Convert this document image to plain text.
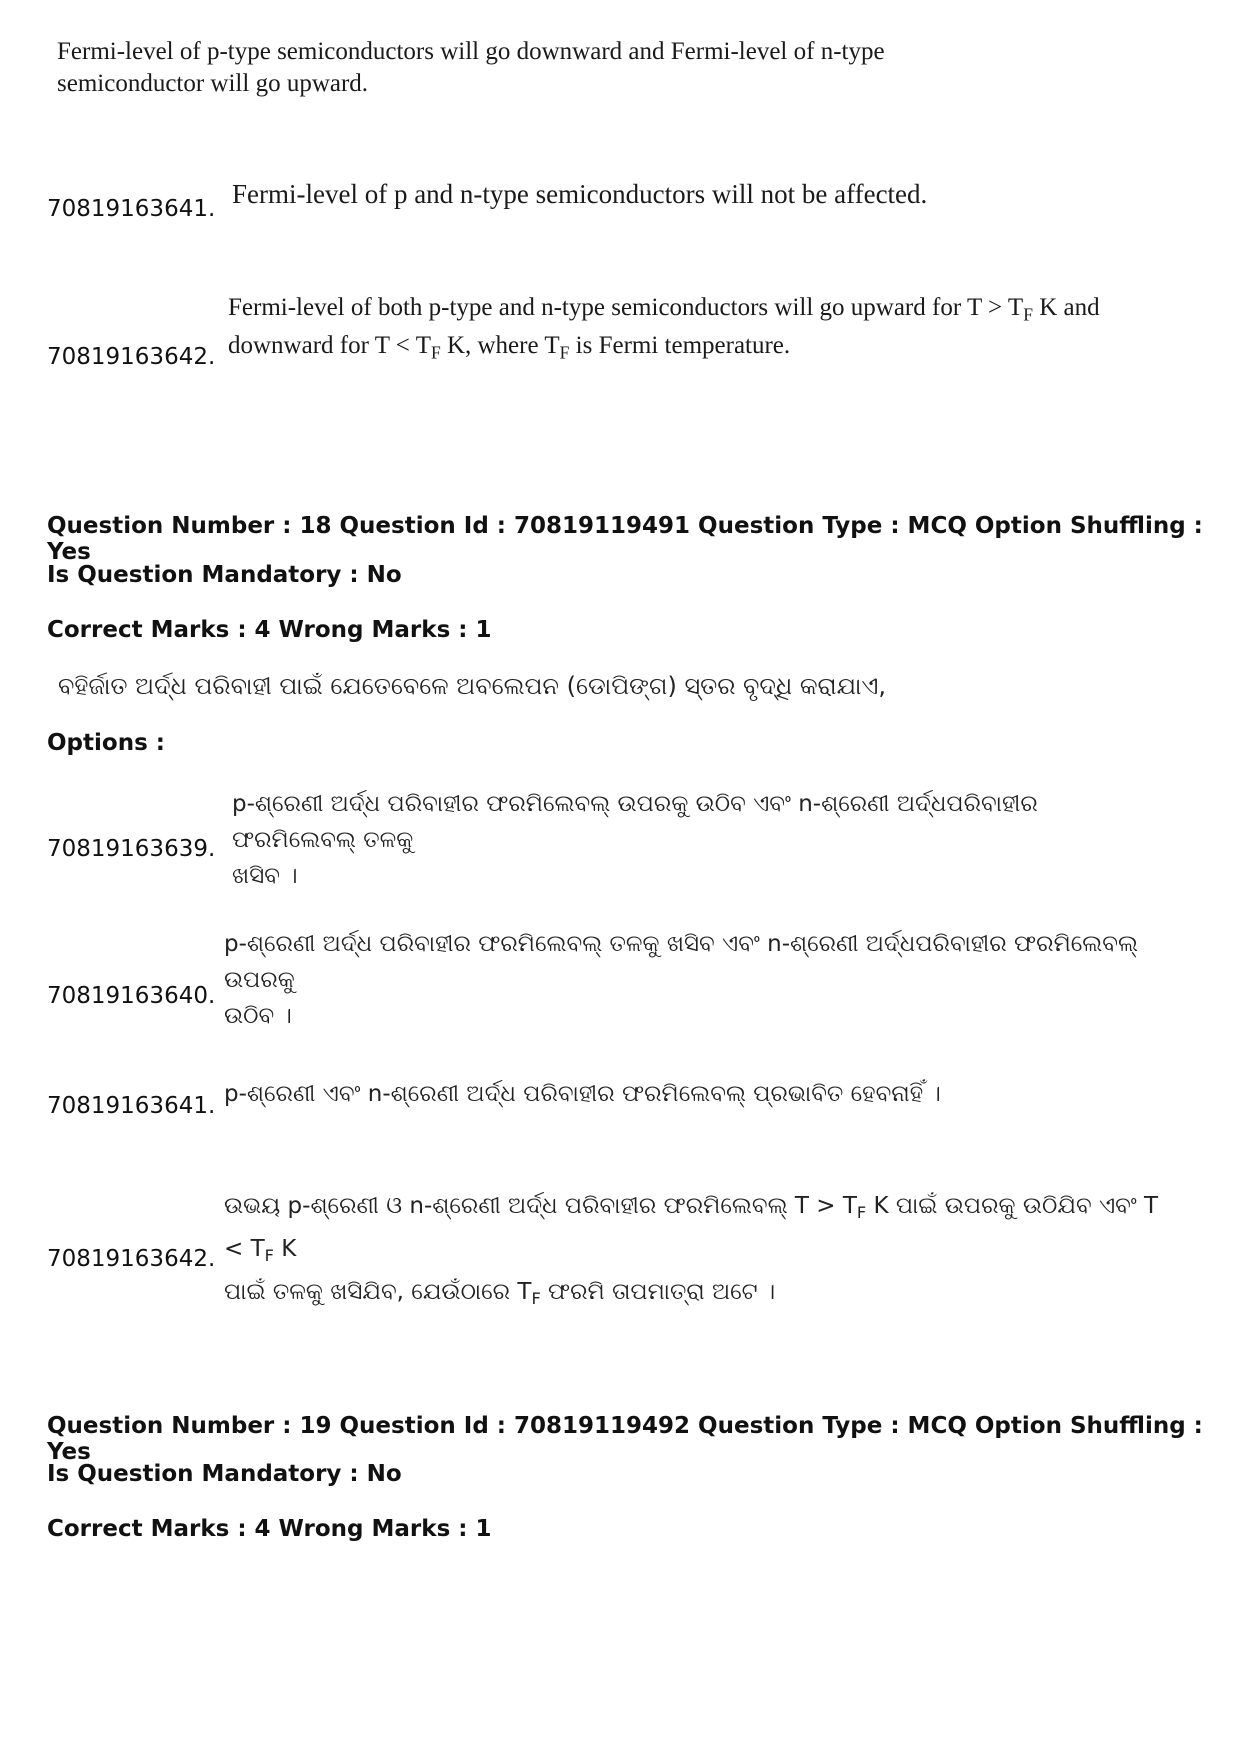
Fermi-level of p-type semiconductors will go downward and Fermi-level of n-type semiconductor will go upward.
70819163641. Fermi-level of p and n-type semiconductors will not be affected.
70819163642.
Fermi-level of both p-type and n-type semiconductors will go upward for $T > T_F$ K and
downward for $T < T_F$ K, where $T_F$ is Fermi temperature.
Question Number : 18 Question Id : 70819119491 Question Type : MCQ Option Shuffling : Yes
Is Question Mandatory : No
Correct Marks : 4 Wrong Marks : 1
ବହିର୍ଜାତ ଅର୍ଦ୍ଧ ପରିବାହୀ ପାଇଁ ଯେତେବେଳେ ଅବଲେପନ (ଡୋପିଙ୍ଗ) ସ୍ତର ବୃଦ୍ଧି କରାଯାଏ,
Options :
p-ଶ୍ରେଣୀ ଅର୍ଦ୍ଧ ପରିବାହୀର ଫରମିଲେବଲ୍ ଉପରକୁ ଉଠିବ ଏବଂ n-ଶ୍ରେଣୀ ଅର୍ଦ୍ଧପରିବାହୀର ଫରମିଲେବଲ୍ ତଳକୁ
ଖସିବ ।
70819163639.
p-ଶ୍ରେଣୀ ଅର୍ଦ୍ଧ ପରିବାହୀର ଫରମିଲେବଲ୍ ତଳକୁ ଖସିବ ଏବଂ n-ଶ୍ରେଣୀ ଅର୍ଦ୍ଧପରିବାହୀର ଫରମିଲେବଲ୍ ଉପରକୁ
ଉଠିବ ।
70819163640.
p-ଶ୍ରେଣୀ ଏବଂ n-ଶ୍ରେଣୀ ଅର୍ଦ୍ଧ ପରିବାହୀର ଫରମିଲେବଲ୍ ପ୍ରଭାବିତ ହେବନାହିଁ ।
70819163641.
ଉଭୟ p-ଶ୍ରେଣୀ ଓ n-ଶ୍ରେଣୀ ଅର୍ଦ୍ଧ ପରିବାହୀର ଫରମିଲେବଲ୍ $T > T_F$ K ପାଇଁ ଉପରକୁ ଉଠିଯିବ ଏବଂ $T < T_F$ K
ପାଇଁ ତଳକୁ ଖସିଯିବ, ଯେଉଁଠାରେ $T_F$ ଫରମି ତାପମାତ୍ରା ଅଟେ ।
70819163642.
Question Number : 19 Question Id : 70819119492 Question Type : MCQ Option Shuffling : Yes
Is Question Mandatory : No
Correct Marks : 4 Wrong Marks : 1
